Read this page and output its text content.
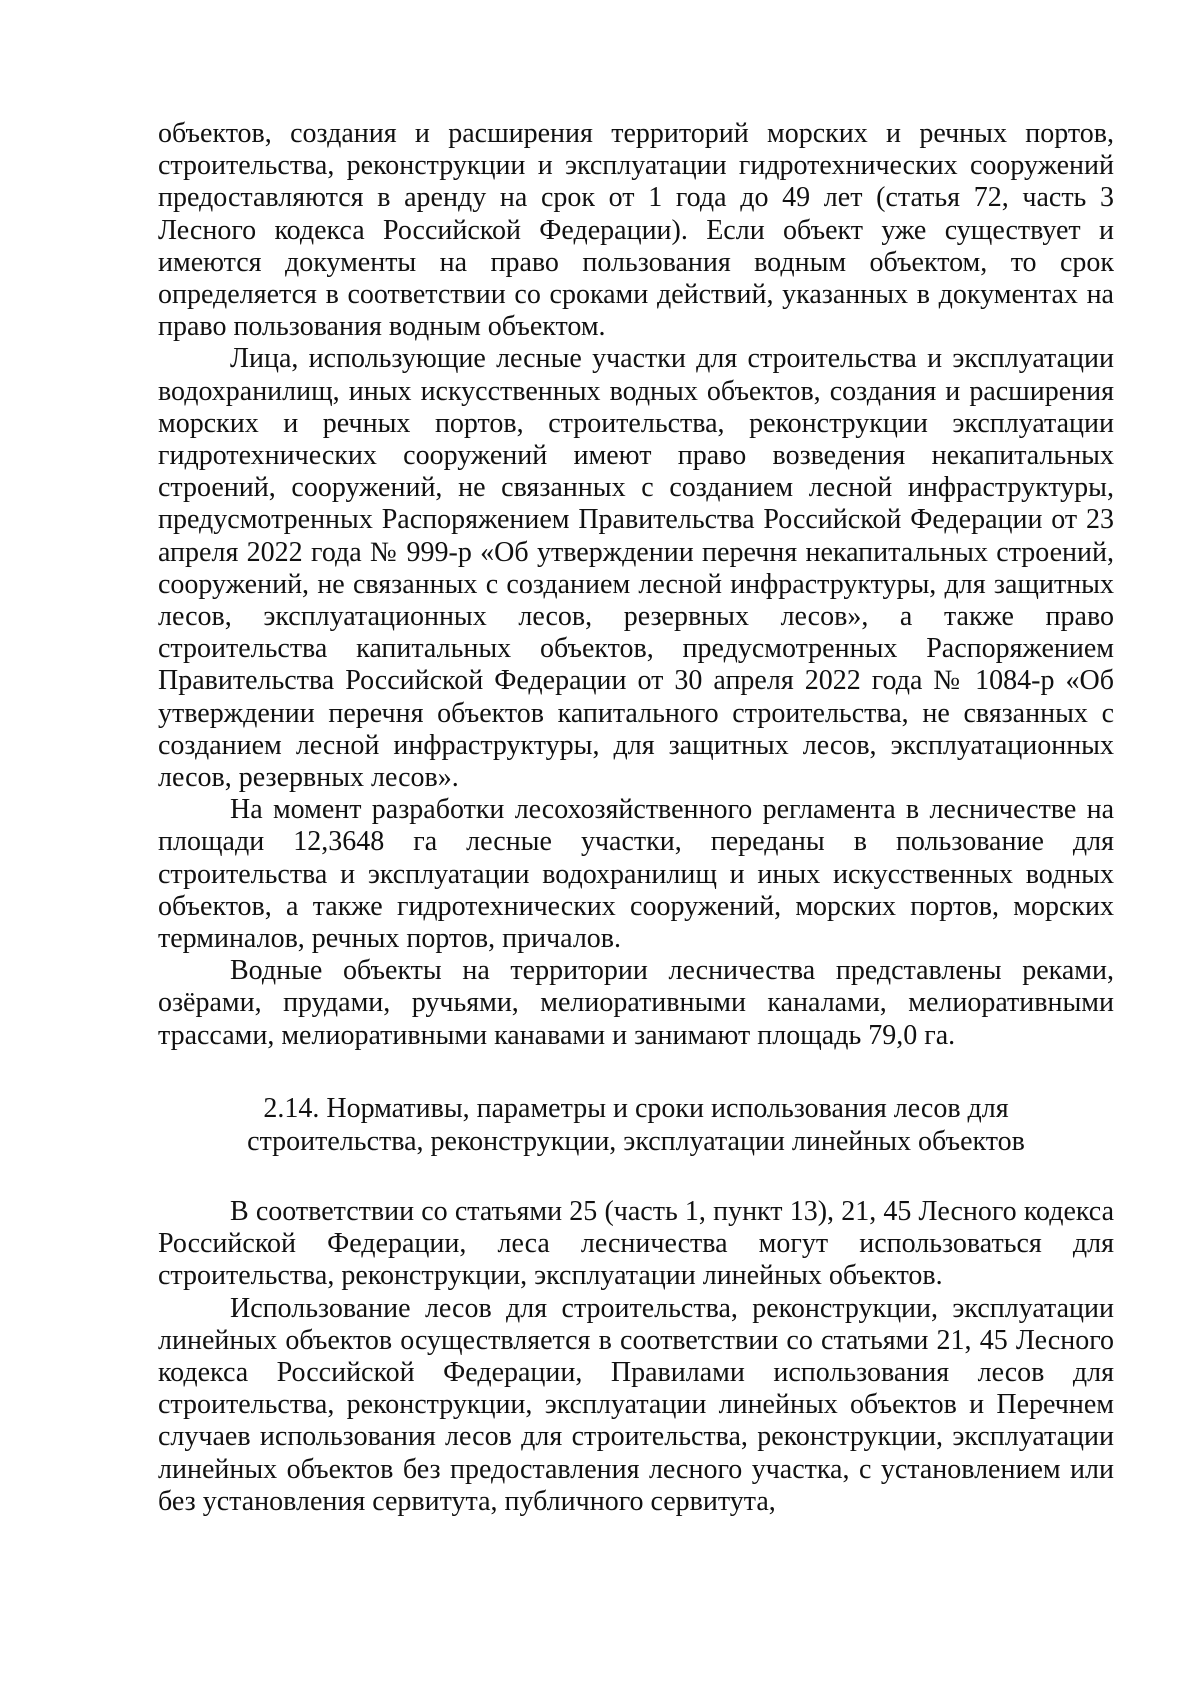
объектов, создания и расширения территорий морских и речных портов, строительства, реконструкции и эксплуатации гидротехнических сооружений предоставляются в аренду на срок от 1 года до 49 лет (статья 72, часть 3 Лесного кодекса Российской Федерации). Если объект уже существует и имеются документы на право пользования водным объектом, то срок определяется в соответствии со сроками действий, указанных в документах на право пользования водным объектом.

Лица, использующие лесные участки для строительства и эксплуатации водохранилищ, иных искусственных водных объектов, создания и расширения морских и речных портов, строительства, реконструкции эксплуатации гидротехнических сооружений имеют право возведения некапитальных строений, сооружений, не связанных с созданием лесной инфраструктуры, предусмотренных Распоряжением Правительства Российской Федерации от 23 апреля 2022 года № 999-р «Об утверждении перечня некапитальных строений, сооружений, не связанных с созданием лесной инфраструктуры, для защитных лесов, эксплуатационных лесов, резервных лесов», а также право строительства капитальных объектов, предусмотренных Распоряжением Правительства Российской Федерации от 30 апреля 2022 года № 1084-р «Об утверждении перечня объектов капитального строительства, не связанных с созданием лесной инфраструктуры, для защитных лесов, эксплуатационных лесов, резервных лесов».

На момент разработки лесохозяйственного регламента в лесничестве на площади 12,3648 га лесные участки, переданы в пользование для строительства и эксплуатации водохранилищ и иных искусственных водных объектов, а также гидротехнических сооружений, морских портов, морских терминалов, речных портов, причалов.

Водные объекты на территории лесничества представлены реками, озёрами, прудами, ручьями, мелиоративными каналами, мелиоративными трассами, мелиоративными канавами и занимают площадь 79,0 га.

2.14. Нормативы, параметры и сроки использования лесов для
строительства, реконструкции, эксплуатации линейных объектов

В соответствии со статьями 25 (часть 1, пункт 13), 21, 45 Лесного кодекса Российской Федерации, леса лесничества могут использоваться для строительства, реконструкции, эксплуатации линейных объектов.

Использование лесов для строительства, реконструкции, эксплуатации линейных объектов осуществляется в соответствии со статьями 21, 45 Лесного кодекса Российской Федерации, Правилами использования лесов для строительства, реконструкции, эксплуатации линейных объектов и Перечнем случаев использования лесов для строительства, реконструкции, эксплуатации линейных объектов без предоставления лесного участка, с установлением или без установления сервитута, публичного сервитута,
